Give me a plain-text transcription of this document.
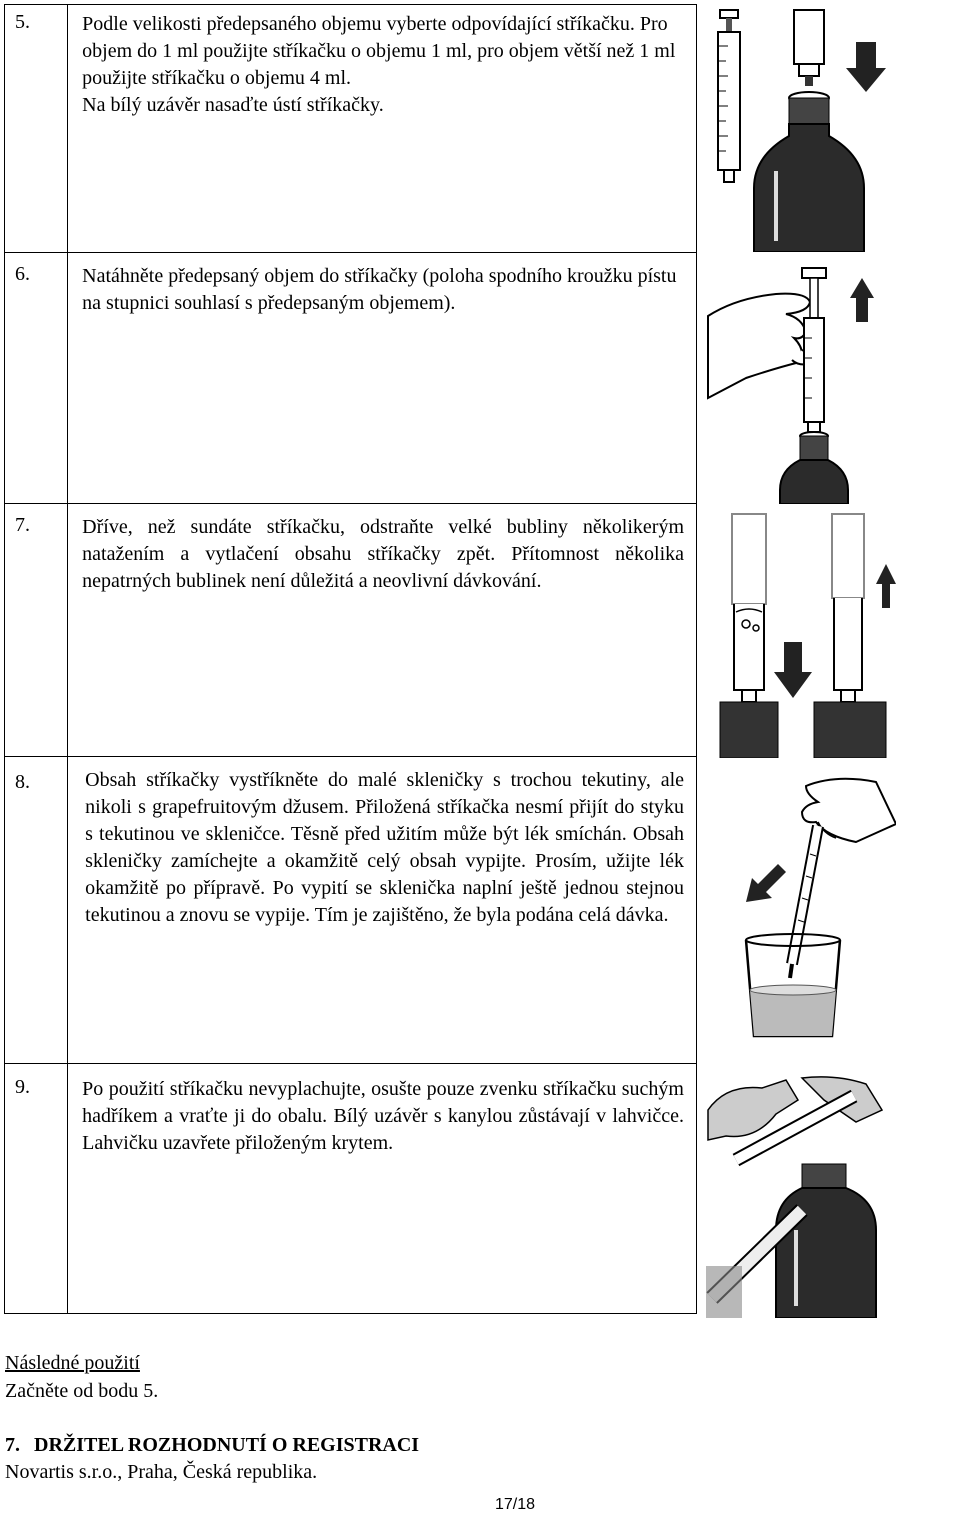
5.	Podle velikosti předepsaného objemu vyberte odpovídající stříkačku. Pro objem do 1 ml použijte stříkačku o objemu 1 ml, pro objem větší než 1 ml použijte stříkačku o objemu 4 ml.
Na bílý uzávěr nasaďte ústí stříkačky.

6.	Natáhněte předepsaný objem do stříkačky (poloha spodního kroužku pístu na stupnici souhlasí s předepsaným objemem).
7.	Dříve, než sundáte stříkačku, odstraňte velké bubliny několikerým natažením a vytlačení obsahu stříkačky zpět. Přítomnost několika nepatrných bublinek není důležitá a neovlivní dávkování.
8.	Obsah stříkačky vystříkněte do malé skleničky s trochou tekutiny, ale nikoli s grapefruitovým džusem. Přiložená stříkačka nesmí přijít do styku s tekutinou ve skleničce. Těsně před užitím může být lék smíchán. Obsah skleničky zamíchejte a okamžitě celý obsah vypijte. Prosím, užijte lék okamžitě po přípravě. Po vypití se sklenička naplní ještě jednou stejnou tekutinou a znovu se vypije. Tím je zajištěno, že byla podána celá dávka.
9.	Po použití stříkačku nevyplachujte, osušte pouze zvenku stříkačku suchým hadříkem a vraťte ji do obalu. Bílý uzávěr s kanylou zůstávají v lahvičce. Lahvičku uzavřete přiloženým krytem.
Následné použití
Začněte od bodu 5.
7. DRŽITEL ROZHODNUTÍ O REGISTRACI
Novartis s.r.o., Praha, Česká republika.
17/18
